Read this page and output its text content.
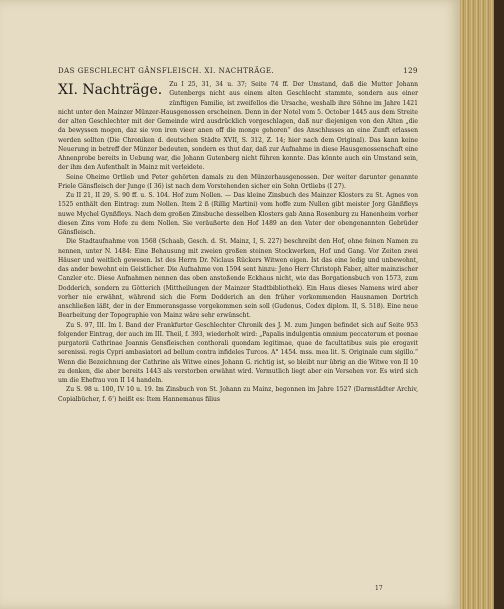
DAS GESCHLECHT GÄNSFLEISCH. XI. NACHTRÄGE.	129

XI. Nachträge. Zu I 25, 31, 34 u. 37; Seite 74 ff. Der Umstand, daß die Mutter Johann Gutenbergs nicht aus einem alten Geschlecht stammte, sondern aus einer zünftigen Familie, ist zweifellos die Ursache, weshalb ihre Söhne im Jahre 1421 nicht unter den Mainzer Münzer-Hausgenossen erscheinen. Denn in der Notel vom 5. October 1445 aus dem Streite der alten Geschlechter mit der Gemeinde wird ausdrücklich vorgeschlagen, daß nur diejenigen von den Alten „die da bewyssen mogen, daz sie von iren vieer anen off die monge gehoren“ des Anschlusses an eine Zunft erlassen werden sollten (Die Chroniken d. deutschen Städte XVII, S. 312, Z. 14; hier nach dem Original). Das kann keine Neuerung in betreff der Münzer bedeuten, sondern es thut dar, daß zur Aufnahme in diese Hausgenossenschaft eine Ahnenprobe bereits in Uebung war, die Johann Gutenberg nicht führen konnte. Das könnte auch ein Umstand sein, der ihm den Aufenthalt in Mainz mit verleidete.

Seine Oheime Ortlieb und Peter gehörten damals zu den Münzerhausgenossen. Der weiter darunter genannte Friele Gänsfleisch der Junge (I 36) ist nach dem Vorstehenden sicher ein Sohn Ortliebs (I 27).

Zu II 21, II 29, S. 90 ff. u. S. 104. Hof zum Nollen. — Das kleine Zinsbuch des Mainzer Klosters zu St. Agnes von 1525 enthält den Eintrag: zum Nollen. Item 2 ß (Rillig Martini) vom hoffe zum Nullen gibt meister Jorg Gänßfleys nuwe Mychel Gynßfleys. Nach dem großen Zinsbuche desselben Klosters gab Anna Rosenburg zu Hanenheim vorher diesen Zins vom Hofe zu dem Nollen. Sie veräußerte den Hof 1489 an den Vater der obengenannten Gebrüder Gänsfleisch.

Die Stadtaufnahme von 1568 (Schaab, Gesch. d. St. Mainz, I, S. 227) beschreibt den Hof, ohne feinen Namen zu nennen, unter N. 1484: Eine Behausung mit zweien großen steinen Stockwerken, Hof und Gang. Vor Zeiten zwei Häuser und weitlich gewesen. Ist des Herrn Dr. Niclaus Rückers Witwen eigen. Ist das eine ledig und unbewohnt, das ander bewohnt ein Geistlicher. Die Aufnahme von 1594 sent hinzu: Jeno Herr Christoph Faber, alter mainzischer Canzler etc. Diese Aufnahmen nennen das oben anstoßende Eckhaus nicht, wie das Borgationsbuch von 1573, zum Dodderich, sondern zu Götterich (Mittheilungen der Mainzer Stadtbibliothek). Ein Haus dieses Namens wird aber vorher nie erwähnt, während sich die Form Dodderich an den früher vorkommenden Hausnamen Dortrich anschließen läßt, der in der Emmeransgasse vorgekommen sein soll (Gudenus, Codex diplom. II, S. 518). Eine neue Bearbeitung der Topographie von Mainz wäre sehr erwünscht.

Zu S. 97, III. Im I. Band der Frankfurter Geschlechter Chronik des J. M. zum Jungen befindet sich auf Seite 953 folgender Eintrag, der auch im III. Theil, f. 393, wiederholt wird: „Papalis indulgentia omnium peccatorum et poenae purgatorii Cathrinae Joannis Gensfleischen conthorali quondam legitimae, quae de facultatibus suis pie erogavit serenissi. regis Cypri ambasiatori ad bellum contra infideles Turcos. A° 1454. mss. mea lit. S. Originale cum sigillo.“ Wenn die Bezeichnung der Cathrine als Witwe eines Johann G. richtig ist, so bleibt nur übrig an die Witwe von II 10 zu denken, die aber bereits 1443 als verstorben erwähnt wird. Vermutlich liegt aber ein Versehen vor. Es wird sich um die Ehefrau von II 14 handeln.

Zu S. 98 u. 100, IV 10 u. 19. Im Zinsbuch von St. Johann zu Mainz, begonnen im Jahre 1527 (Darmstädter Archiv, Copialbücher, f. 6‘) heißt es: Item Hannemanus filius

17
